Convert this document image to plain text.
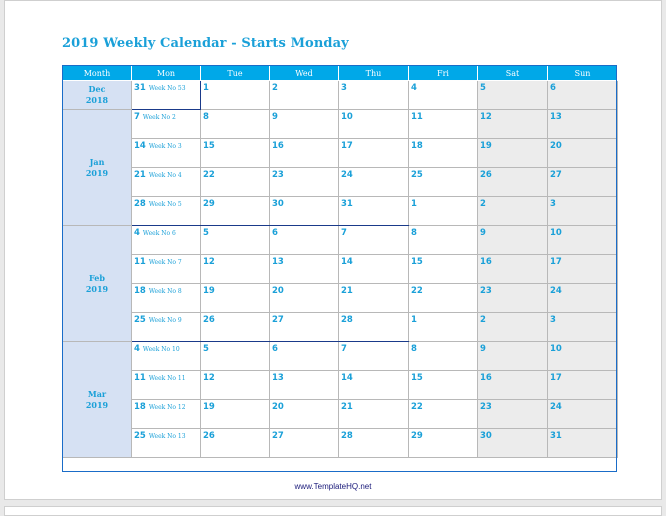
2019 Weekly Calendar - Starts Monday
Month	Mon	Tue	Wed	Thu	Fri	Sat	Sun

Dec
2018	31 Week No 53	1	2	3	4	5	6

Jan
2019	7 Week No 2	8	9	10	11	12	13
	14 Week No 3	15	16	17	18	19	20
	21 Week No 4	22	23	24	25	26	27
	28 Week No 5	29	30	31	1	2	3

Feb
2019	4 Week No 6	5	6	7	8	9	10
	11 Week No 7	12	13	14	15	16	17
	18 Week No 8	19	20	21	22	23	24
	25 Week No 9	26	27	28	1	2	3

Mar
2019	4 Week No 10	5	6	7	8	9	10
	11 Week No 11	12	13	14	15	16	17
	18 Week No 12	19	20	21	22	23	24
	25 Week No 13	26	27	28	29	30	31
www.TemplateHQ.net
